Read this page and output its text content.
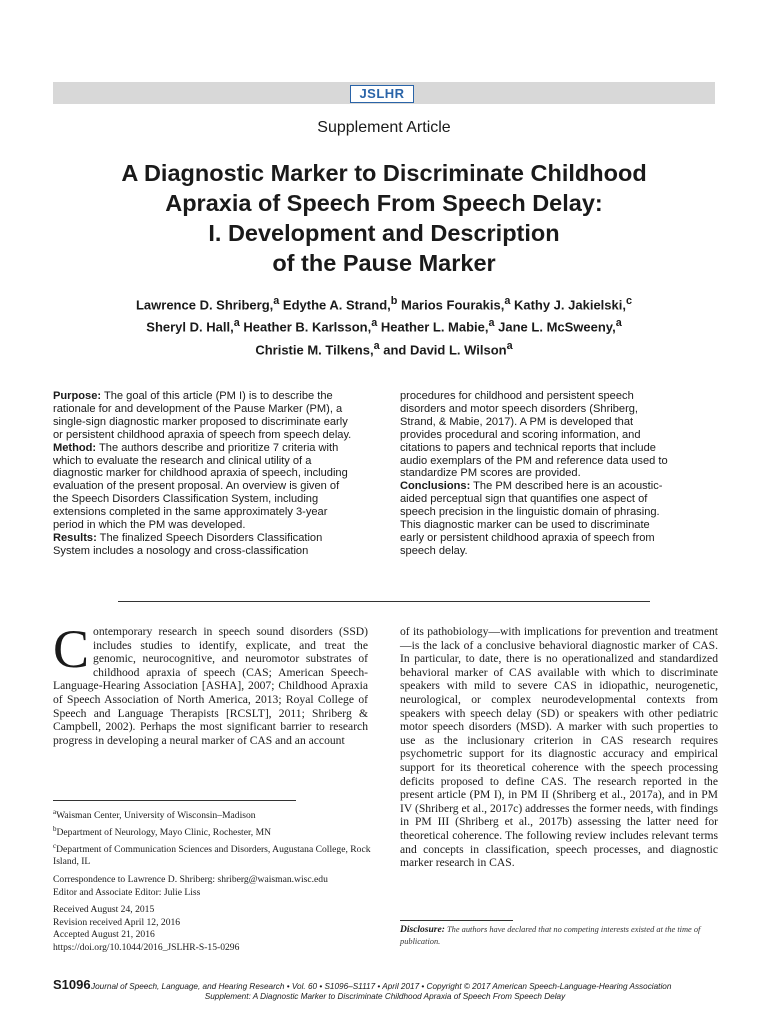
JSLHR
Supplement Article
A Diagnostic Marker to Discriminate Childhood
Apraxia of Speech From Speech Delay:
I. Development and Description
of the Pause Marker
Lawrence D. Shriberg,$^a$ Edythe A. Strand,$^b$ Marios Fourakis,$^a$ Kathy J. Jakielski,$^c$
Sheryl D. Hall,$^a$ Heather B. Karlsson,$^a$ Heather L. Mabie,$^a$ Jane L. McSweeny,$^a$
Christie M. Tilkens,$^a$ and David L. Wilson$^a$

Purpose: The goal of this article (PM I) is to describe the rationale for and development of the Pause Marker (PM), a single-sign diagnostic marker proposed to discriminate early or persistent childhood apraxia of speech from speech delay.

Method: The authors describe and prioritize 7 criteria with which to evaluate the research and clinical utility of a diagnostic marker for childhood apraxia of speech, including evaluation of the present proposal. An overview is given of the Speech Disorders Classification System, including extensions completed in the same approximately 3-year period in which the PM was developed.

Results: The finalized Speech Disorders Classification System includes a nosology and cross-classification

procedures for childhood and persistent speech disorders and motor speech disorders (Shriberg, Strand, & Mabie, 2017). A PM is developed that provides procedural and scoring information, and citations to papers and technical reports that include audio exemplars of the PM and reference data used to standardize PM scores are provided.

Conclusions: The PM described here is an acoustic-aided perceptual sign that quantifies one aspect of speech precision in the linguistic domain of phrasing. This diagnostic marker can be used to discriminate early or persistent childhood apraxia of speech from speech delay.

Contemporary research in speech sound disorders (SSD) includes studies to identify, explicate, and treat the genomic, neurocognitive, and neuromotor substrates of childhood apraxia of speech (CAS; American Speech-Language-Hearing Association [ASHA], 2007; Childhood Apraxia of Speech Association of North America, 2013; Royal College of Speech and Language Therapists [RCSLT], 2011; Shriberg & Campbell, 2002). Perhaps the most significant barrier to research progress in developing a neural marker of CAS and an account
of its pathobiology—with implications for prevention and treatment—is the lack of a conclusive behavioral diagnostic marker of CAS. In particular, to date, there is no operationalized and standardized behavioral marker of CAS available with which to discriminate speakers with mild to severe CAS in idiopathic, neurogenetic, neurological, or complex neurodevelopmental contexts from speakers with speech delay (SD) or speakers with other pediatric motor speech disorders (MSD). A marker with such properties to use as the inclusionary criterion in CAS research requires psychometric support for its diagnostic accuracy and empirical support for its theoretical coherence with the speech processing deficits proposed to define CAS. The research reported in the present article (PM I), in PM II (Shriberg et al., 2017a), and in PM IV (Shriberg et al., 2017c) addresses the former needs, with findings in PM III (Shriberg et al., 2017b) assessing the latter need for theoretical coherence. The following review includes relevant terms and concepts in classification, speech processes, and diagnostic marker research in CAS.

$^a$Waisman Center, University of Wisconsin–Madison

$^b$Department of Neurology, Mayo Clinic, Rochester, MN

$^c$Department of Communication Sciences and Disorders, Augustana College, Rock Island, IL

Correspondence to Lawrence D. Shriberg: shriberg@waisman.wisc.edu

Editor and Associate Editor: Julie Liss

Received August 24, 2015

Revision received April 12, 2016

Accepted August 21, 2016

https://doi.org/10.1044/2016_JSLHR-S-15-0296

Disclosure: The authors have declared that no competing interests existed at the time of publication.
S1096Journal of Speech, Language, and Hearing Research • Vol. 60 • S1096–S1117 • April 2017 • Copyright © 2017 American Speech-Language-Hearing Association
Supplement: A Diagnostic Marker to Discriminate Childhood Apraxia of Speech From Speech Delay
